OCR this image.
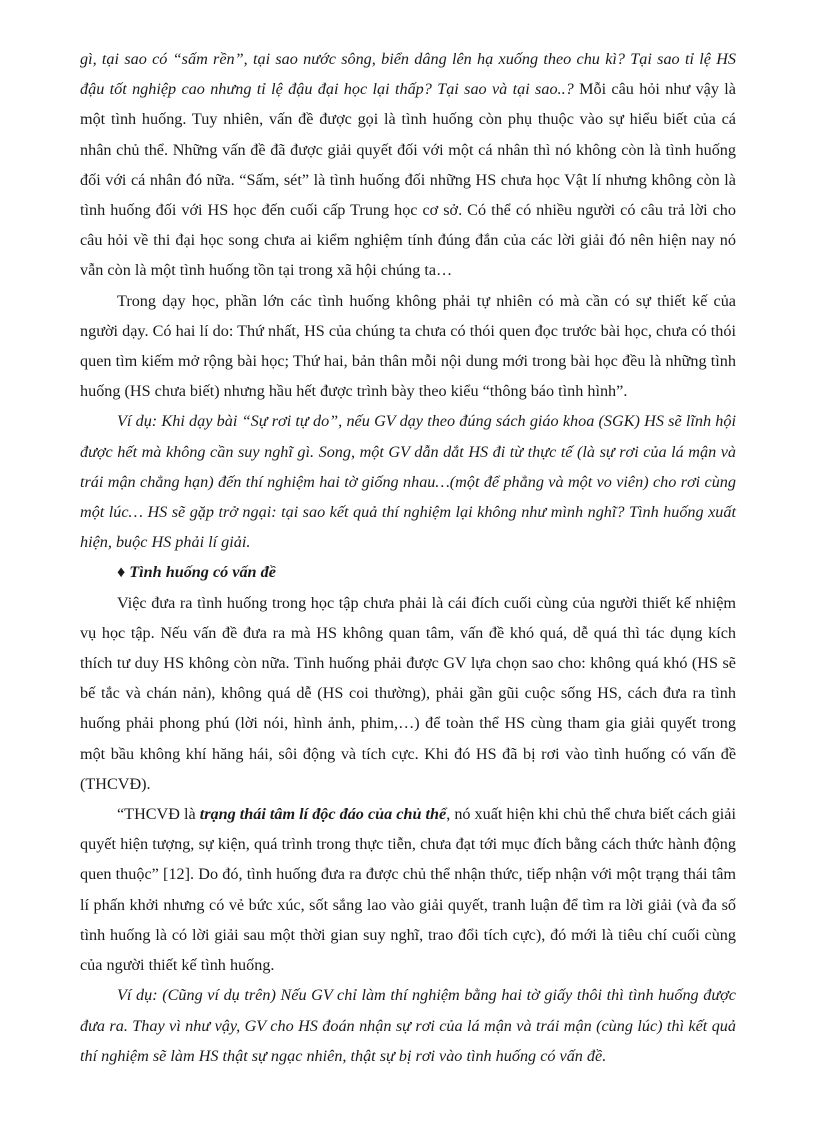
gì, tại sao có “sấm rền”, tại sao nước sông, biển dâng lên hạ xuống theo chu kì? Tại sao tỉ lệ HS đậu tốt nghiệp cao nhưng tỉ lệ đậu đại học lại thấp? Tại sao và tại sao..? Mỗi câu hỏi như vậy là một tình huống. Tuy nhiên, vấn đề được gọi là tình huống còn phụ thuộc vào sự hiểu biết của cá nhân chủ thể. Những vấn đề đã được giải quyết đối với một cá nhân thì nó không còn là tình huống đối với cá nhân đó nữa. “Sấm, sét” là tình huống đối những HS chưa học Vật lí nhưng không còn là tình huống đối với HS học đến cuối cấp Trung học cơ sở. Có thể có nhiều người có câu trả lời cho câu hỏi về thi đại học song chưa ai kiểm nghiệm tính đúng đắn của các lời giải đó nên hiện nay nó vẫn còn là một tình huống tồn tại trong xã hội chúng ta…

Trong dạy học, phần lớn các tình huống không phải tự nhiên có mà cần có sự thiết kế của người dạy. Có hai lí do: Thứ nhất, HS của chúng ta chưa có thói quen đọc trước bài học, chưa có thói quen tìm kiếm mở rộng bài học; Thứ hai, bản thân mỗi nội dung mới trong bài học đều là những tình huống (HS chưa biết) nhưng hầu hết được trình bày theo kiểu “thông báo tình hình”.

Ví dụ: Khi dạy bài “Sự rơi tự do”, nếu GV dạy theo đúng sách giáo khoa (SGK) HS sẽ lĩnh hội được hết mà không cần suy nghĩ gì. Song, một GV dẫn dắt HS đi từ thực tế (là sự rơi của lá mận và trái mận chẳng hạn) đến thí nghiệm hai tờ giống nhau…(một để phẳng và một vo viên) cho rơi cùng một lúc… HS sẽ gặp trở ngại: tại sao kết quả thí nghiệm lại không như mình nghĩ? Tình huống xuất hiện, buộc HS phải lí giải.

♦ Tình huống có vấn đề

Việc đưa ra tình huống trong học tập chưa phải là cái đích cuối cùng của người thiết kế nhiệm vụ học tập. Nếu vấn đề đưa ra mà HS không quan tâm, vấn đề khó quá, dễ quá thì tác dụng kích thích tư duy HS không còn nữa. Tình huống phải được GV lựa chọn sao cho: không quá khó (HS sẽ bế tắc và chán nản), không quá dễ (HS coi thường), phải gần gũi cuộc sống HS, cách đưa ra tình huống phải phong phú (lời nói, hình ảnh, phim,…) để toàn thể HS cùng tham gia giải quyết trong một bầu không khí hăng hái, sôi động và tích cực. Khi đó HS đã bị rơi vào tình huống có vấn đề (THCVĐ).

“THCVĐ là trạng thái tâm lí độc đáo của chủ thể, nó xuất hiện khi chủ thể chưa biết cách giải quyết hiện tượng, sự kiện, quá trình trong thực tiễn, chưa đạt tới mục đích bằng cách thức hành động quen thuộc” [12]. Do đó, tình huống đưa ra được chủ thể nhận thức, tiếp nhận với một trạng thái tâm lí phấn khởi nhưng có vẻ bức xúc, sốt sắng lao vào giải quyết, tranh luận để tìm ra lời giải (và đa số tình huống là có lời giải sau một thời gian suy nghĩ, trao đổi tích cực), đó mới là tiêu chí cuối cùng của người thiết kế tình huống.

Ví dụ: (Cũng ví dụ trên) Nếu GV chỉ làm thí nghiệm bằng hai tờ giấy thôi thì tình huống được đưa ra. Thay vì như vậy, GV cho HS đoán nhận sự rơi của lá mận và trái mận (cùng lúc) thì kết quả thí nghiệm sẽ làm HS thật sự ngạc nhiên, thật sự bị rơi vào tình huống có vấn đề.
